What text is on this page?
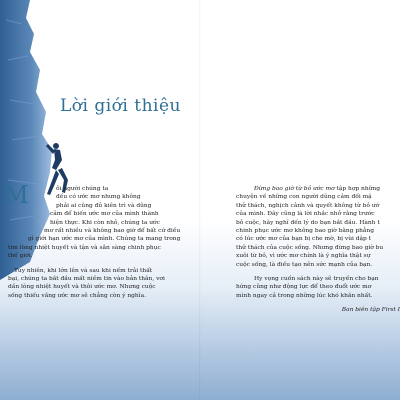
Lời giới thiệu
M	ỗi người chúng ta
đều có ước mơ nhưng không
phải ai cũng đủ kiên trì và dũng
cảm để biến ước mơ của mình thành
hiện thực. Khi còn nhỏ, chúng ta ước
mơ rất nhiều và không bao giờ để bất cứ điều
gì giới hạn ước mơ của mình. Chúng ta mang trong
tim lòng nhiệt huyết và tận và sẵn sàng chinh phục
thế giới.
Tuy nhiên, khi lớn lên và sau khi nếm trải thất
bại, chúng ta bắt đầu mất niềm tin vào bản thân, vơi
dần lòng nhiệt huyết và thôi ước mơ. Nhưng cuộc
sống thiếu vắng ước mơ sẽ chẳng còn ý nghĩa.
Đừng bao giờ từ bỏ ước mơ tập hợp những
chuyện về những con người dũng cảm đối mặ
thử thách, nghịch cảnh và quyết không từ bỏ ướ
của mình. Đây cũng là lời nhắc nhở rằng trước
bỏ cuộc, hãy nghĩ đến lý do bạn bắt đầu. Hành t
chinh phục ước mơ không bao giờ bằng phẳng
có lúc ước mơ của bạn bị che mờ, bị vùi dập t
thử thách của cuộc sống. Nhưng đừng bao giờ bu
xuôi từ bỏ, vì ước mơ chính là ý nghĩa thật sự
cuộc sống, là điều tạo nên sức mạnh của bạn.
Hy vọng cuốn sách này sẽ truyền cho bạn
hứng cũng như động lực để theo đuổi ước mơ
mình ngay cả trong những lúc khó khăn nhất.
Ban biên tập First I
